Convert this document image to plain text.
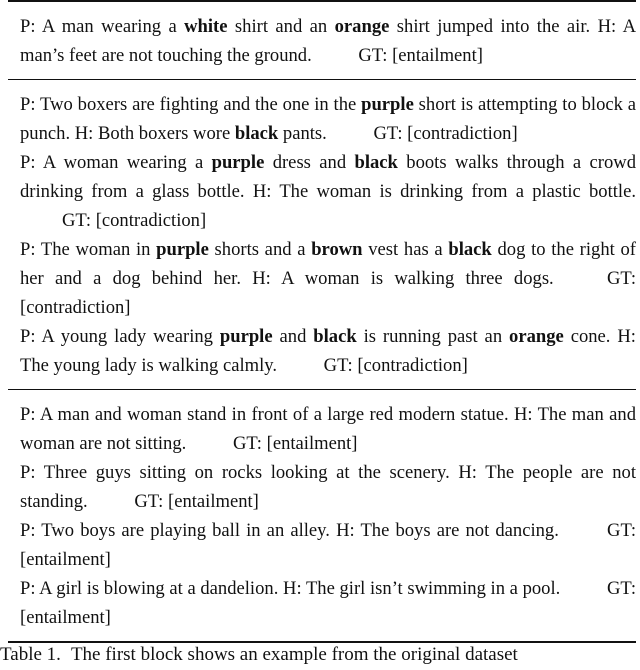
P: A man wearing a white shirt and an orange shirt jumped into the air. H: A man’s feet are not touching the ground.	GT: [entailment]

P: Two boxers are fighting and the one in the purple short is attempting to block a punch. H: Both boxers wore black pants.	GT: [contradiction]

P: A woman wearing a purple dress and black boots walks through a crowd drinking from a glass bottle. H: The woman is drinking from a plastic bottle. GT: [contradiction]

P: The woman in purple shorts and a brown vest has a black dog to the right of her and a dog behind her. H: A woman is walking three dogs.	GT: [contradiction]

P: A young lady wearing purple and black is running past an orange cone. H: The young lady is walking calmly.	GT: [contradiction]

P: A man and woman stand in front of a large red modern statue. H: The man and woman are not sitting.	GT: [entailment]

P: Three guys sitting on rocks looking at the scenery. H: The people are not standing.	GT: [entailment]

P: Two boys are playing ball in an alley. H: The boys are not dancing.	GT: [entailment]

P: A girl is blowing at a dandelion. H: The girl isn’t swimming in a pool.	GT: [entailment]

Table 1. The first block shows an example from the original dataset
